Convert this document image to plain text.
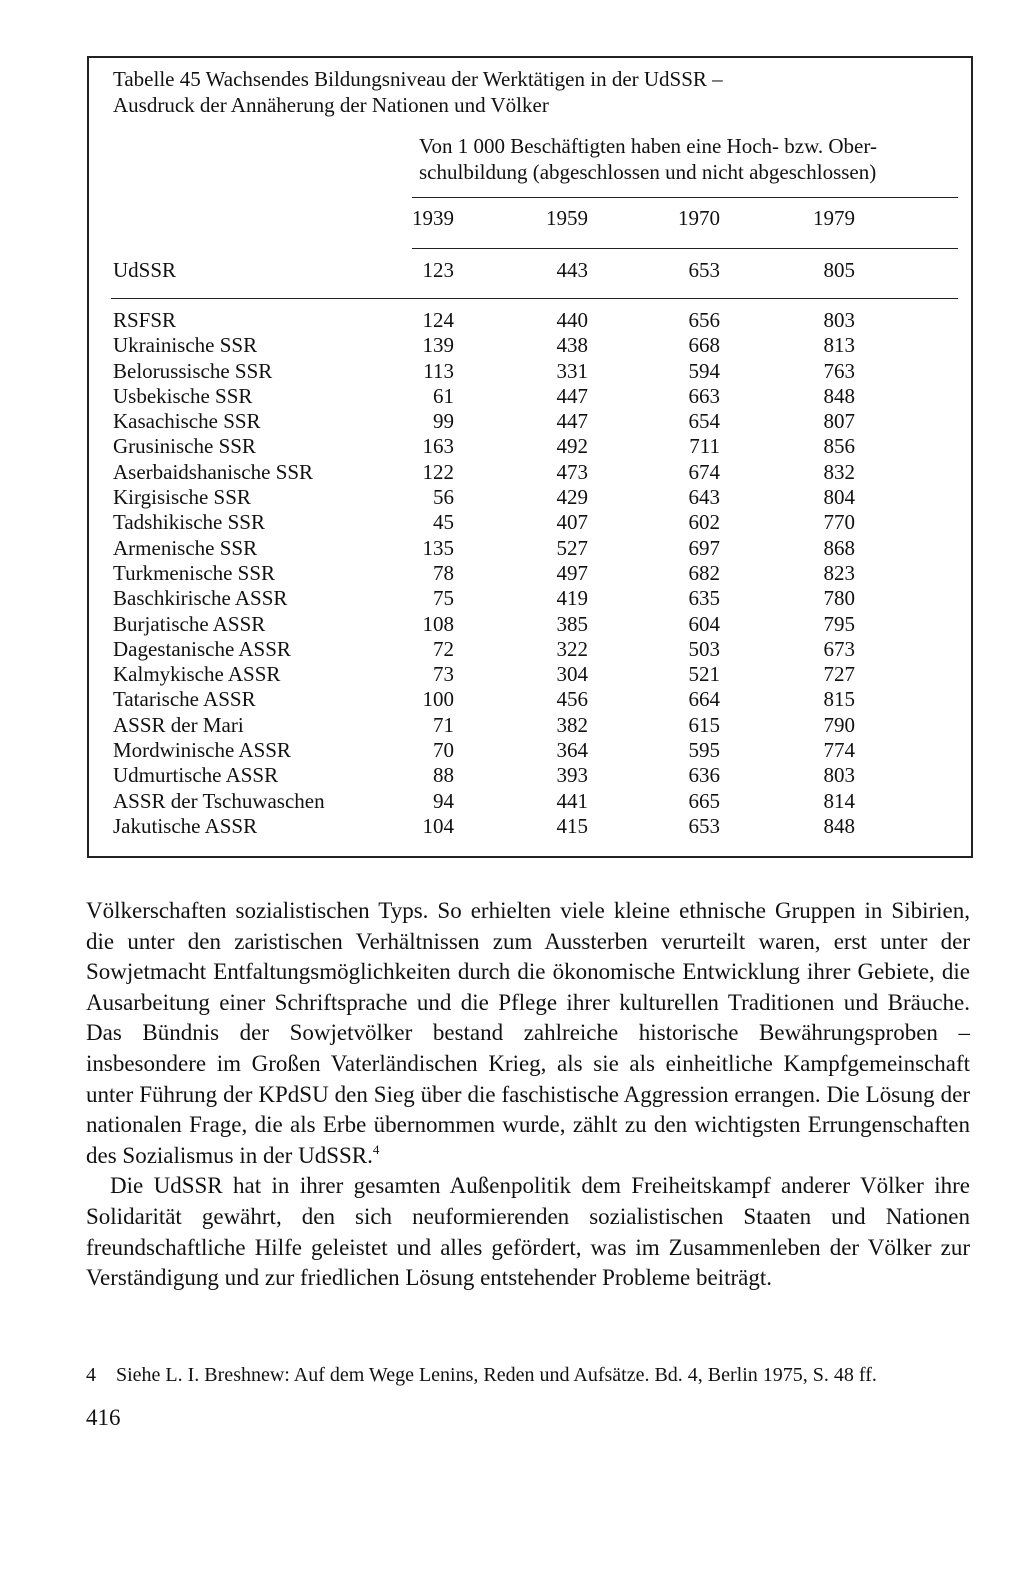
Tabelle 45 Wachsendes Bildungsniveau der Werktätigen in der UdSSR –
Ausdruck der Annäherung der Nationen und Völker
Von 1 000 Beschäftigten haben eine Hoch- bzw. Ober-
schulbildung (abgeschlossen und nicht abgeschlossen)
1939	1959	1970	1979
UdSSR	123	443	653	805
RSFSR	124	440	656	803
Ukrainische SSR	139	438	668	813
Belorussische SSR	113	331	594	763
Usbekische SSR	61	447	663	848
Kasachische SSR	99	447	654	807
Grusinische SSR	163	492	711	856
Aserbaidshanische SSR	122	473	674	832
Kirgisische SSR	56	429	643	804
Tadshikische SSR	45	407	602	770
Armenische SSR	135	527	697	868
Turkmenische SSR	78	497	682	823
Baschkirische ASSR	75	419	635	780
Burjatische ASSR	108	385	604	795
Dagestanische ASSR	72	322	503	673
Kalmykische ASSR	73	304	521	727
Tatarische ASSR	100	456	664	815
ASSR der Mari	71	382	615	790
Mordwinische ASSR	70	364	595	774
Udmurtische ASSR	88	393	636	803
ASSR der Tschuwaschen	94	441	665	814
Jakutische ASSR	104	415	653	848

Völkerschaften sozialistischen Typs. So erhielten viele kleine ethnische Gruppen in Sibirien, die unter den zaristischen Verhältnissen zum Aussterben verurteilt waren, erst unter der Sowjetmacht Entfaltungsmöglichkeiten durch die ökonomische Entwicklung ihrer Gebiete, die Ausarbeitung einer Schriftsprache und die Pflege ihrer kulturellen Traditionen und Bräuche. Das Bündnis der Sowjetvölker bestand zahlreiche historische Bewährungsproben – insbesondere im Großen Vaterländischen Krieg, als sie als einheitliche Kampfgemeinschaft unter Führung der KPdSU den Sieg über die faschistische Aggression errangen. Die Lösung der nationalen Frage, die als Erbe übernommen wurde, zählt zu den wichtigsten Errungenschaften des Sozialismus in der UdSSR.$^4$

Die UdSSR hat in ihrer gesamten Außenpolitik dem Freiheitskampf anderer Völker ihre Solidarität gewährt, den sich neuformierenden sozialistischen Staaten und Nationen freundschaftliche Hilfe geleistet und alles gefördert, was im Zusammenleben der Völker zur Verständigung und zur friedlichen Lösung entstehender Probleme beiträgt.

4 Siehe L. I. Breshnew: Auf dem Wege Lenins, Reden und Aufsätze. Bd. 4, Berlin 1975, S. 48 ff.
416
